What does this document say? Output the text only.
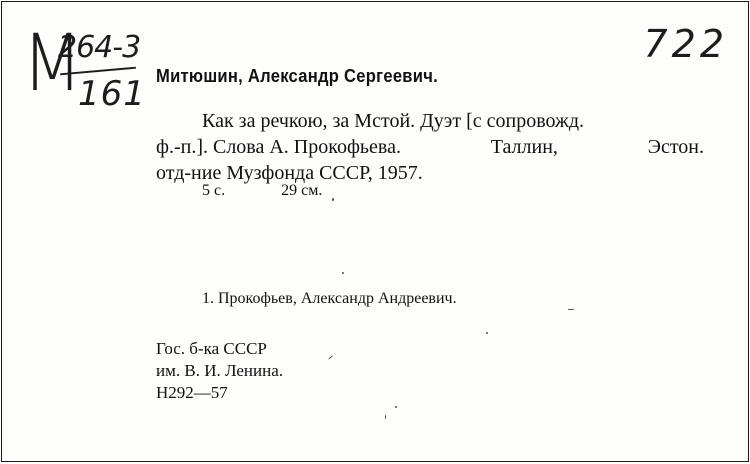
М
264-3
161
722
Митюшин, Александр Сергеевич.
Как за речкою, за Мстой. Дуэт [с сопровожд.
ф.-п.]. Слова А. Прокофьева.	Таллин,	Эстон.
отд-ние Музфонда СССР, 1957.
5 с.	29 см.
1. Прокофьев, Александр Андреевич.
Гос. б-ка СССР
им. В. И. Ленина.
Н292—57
